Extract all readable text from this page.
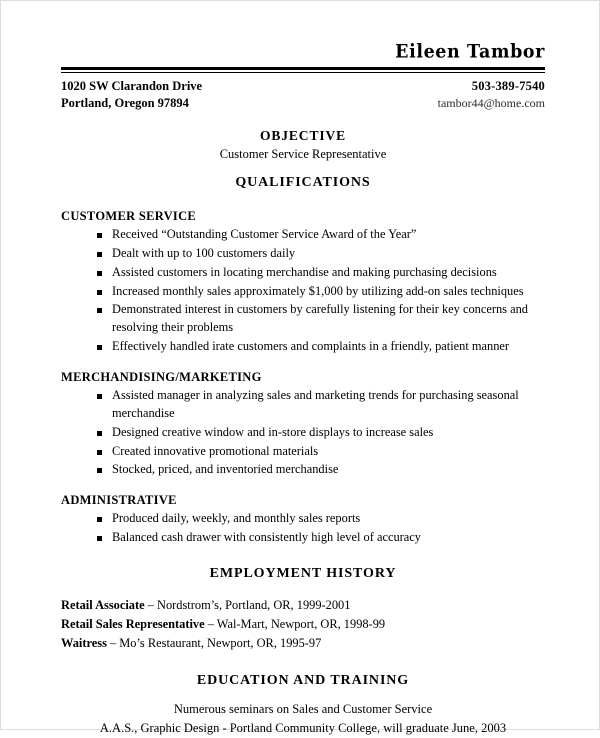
Eileen Tambor
1020 SW Clarandon Drive
Portland, Oregon 97894
503-389-7540
tambor44@home.com
OBJECTIVE
Customer Service Representative
QUALIFICATIONS
CUSTOMER SERVICE
Received “Outstanding Customer Service Award of the Year”
Dealt with up to 100 customers daily
Assisted customers in locating merchandise and making purchasing decisions
Increased monthly sales approximately $1,000 by utilizing add-on sales techniques
Demonstrated interest in customers by carefully listening for their key concerns and resolving their problems
Effectively handled irate customers and complaints in a friendly, patient manner
MERCHANDISING/MARKETING
Assisted manager in analyzing sales and marketing trends for purchasing seasonal merchandise
Designed creative window and in-store displays to increase sales
Created innovative promotional materials
Stocked, priced, and inventoried merchandise
ADMINISTRATIVE
Produced daily, weekly, and monthly sales reports
Balanced cash drawer with consistently high level of accuracy
EMPLOYMENT HISTORY
Retail Associate – Nordstrom’s, Portland, OR, 1999-2001
Retail Sales Representative – Wal-Mart, Newport, OR, 1998-99
Waitress – Mo’s Restaurant, Newport, OR, 1995-97
EDUCATION AND TRAINING
Numerous seminars on Sales and Customer Service
A.A.S., Graphic Design - Portland Community College, will graduate June, 2003
